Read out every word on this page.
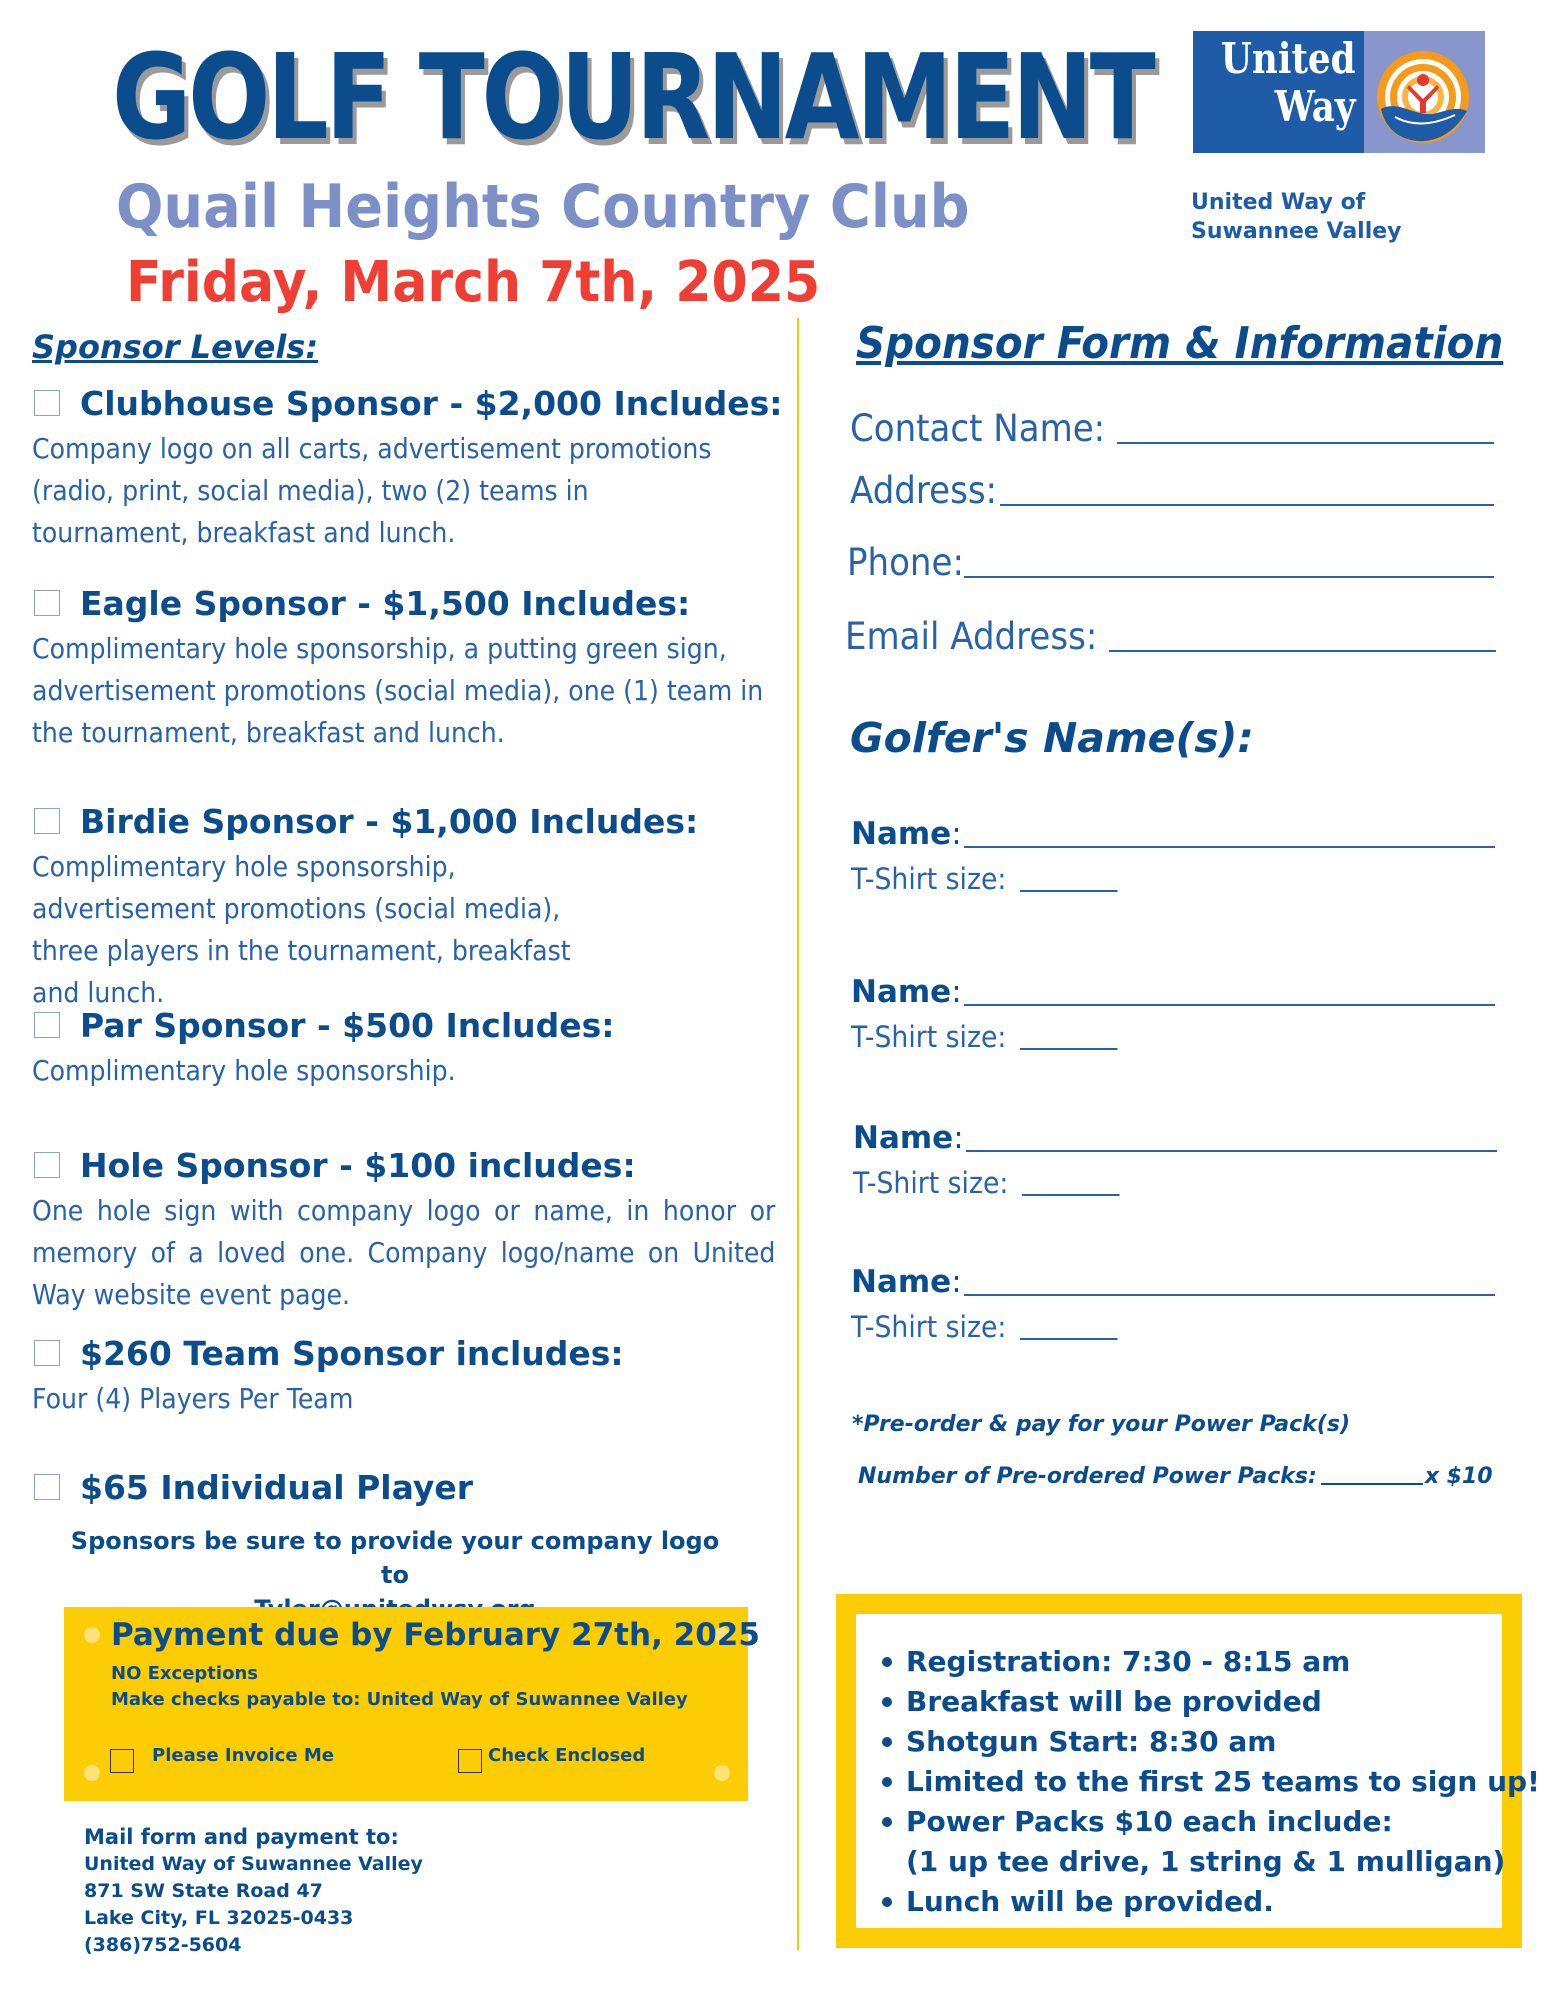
GOLF TOURNAMENT
Quail Heights Country Club
Friday, March 7th, 2025
United
Way
United Way of
Suwannee Valley
Sponsor Levels:
Clubhouse Sponsor - $2,000 Includes:
Company logo on all carts, advertisement promotions (radio, print, social media), two (2) teams in tournament, breakfast and lunch.
Eagle Sponsor - $1,500 Includes:
Complimentary hole sponsorship, a putting green sign, advertisement promotions (social media), one (1) team in the tournament, breakfast and lunch.
Birdie Sponsor - $1,000 Includes:
Complimentary hole sponsorship, advertisement promotions (social media), three players in the tournament, breakfast and lunch.
Par Sponsor - $500 Includes:
Complimentary hole sponsorship.
Hole Sponsor - $100 includes:
One hole sign with company logo or name, in honor or memory of a loved one. Company logo/name on United Way website event page.
$260 Team Sponsor includes:
Four (4) Players Per Team
$65 Individual Player
Sponsors be sure to provide your company logo to
Payment due by February 27th, 2025
NO Exceptions
Make checks payable to: United Way of Suwannee Valley
Please Invoice Me	Check Enclosed
Mail form and payment to:
United Way of Suwannee Valley
871 SW State Road 47
Lake City, FL 32025-0433
(386)752-5604
Sponsor Form & Information
Contact Name:
Address:
Phone:
Email Address:
Golfer's Name(s):
Name :
T-Shirt size:
Name :
T-Shirt size:
Name :
T-Shirt size:
Name :
T-Shirt size:
*Pre-order & pay for your Power Pack(s)
Number of Pre-ordered Power Packs:	x $10
Registration: 7:30 - 8:15 am
Breakfast will be provided
Shotgun Start: 8:30 am
Limited to the first 25 teams to sign up!
Power Packs $10 each include:
(1 up tee drive, 1 string & 1 mulligan)
Lunch will be provided.
